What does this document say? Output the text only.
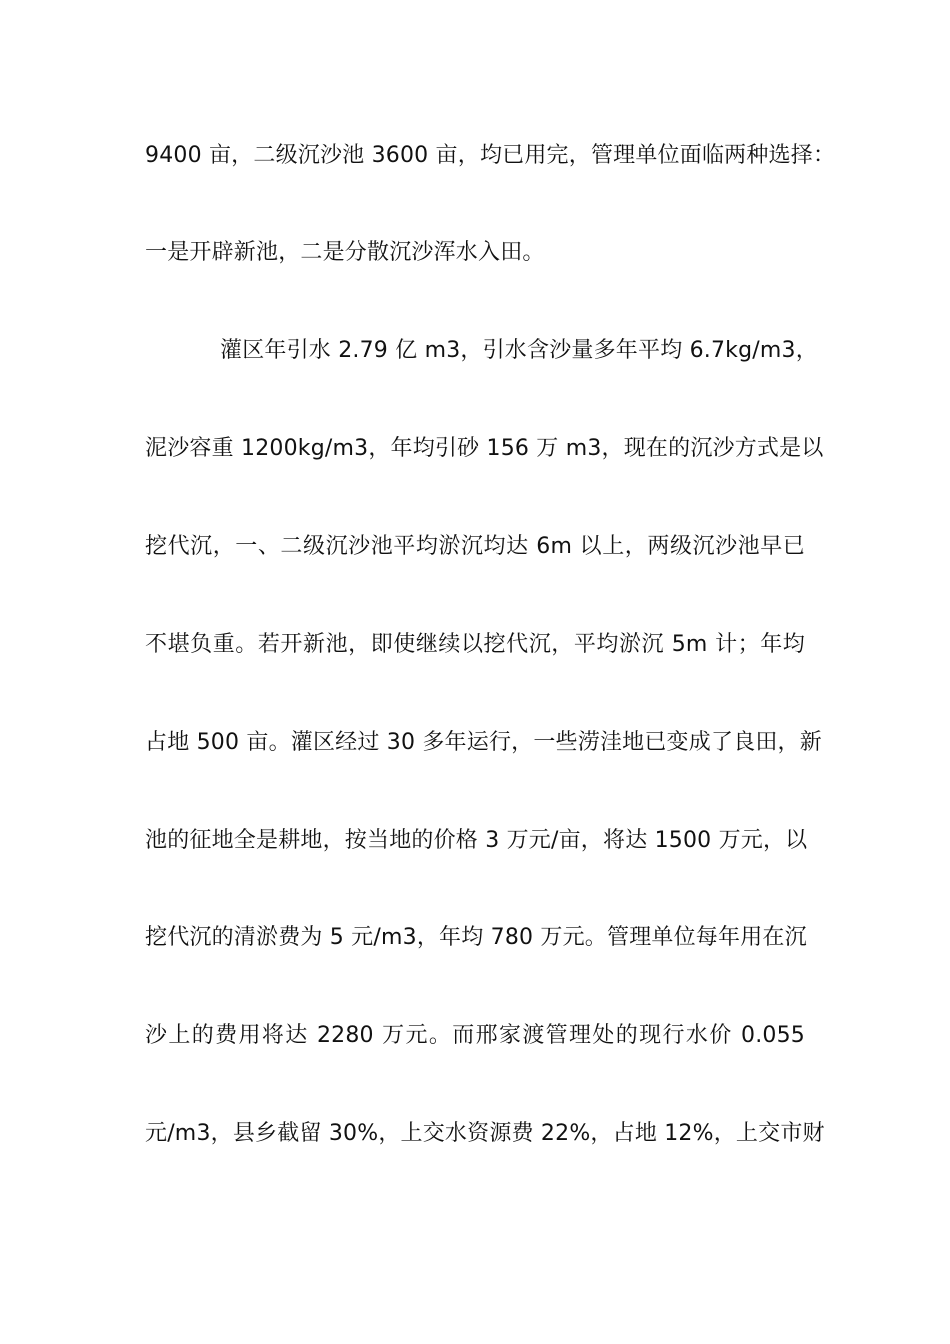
9400 亩，二级沉沙池 3600 亩，均已用完，管理单位面临两种选择：
一是开辟新池，二是分散沉沙浑水入田。
灌区年引水 2.79 亿 m3，引水含沙量多年平均 6.7kg/m3，
泥沙容重 1200kg/m3，年均引砂 156 万 m3，现在的沉沙方式是以
挖代沉，一、二级沉沙池平均淤沉均达 6m 以上，两级沉沙池早已
不堪负重。若开新池，即使继续以挖代沉，平均淤沉 5m 计；年均
占地 500 亩。灌区经过 30 多年运行，一些涝洼地已变成了良田，新
池的征地全是耕地，按当地的价格 3 万元/亩，将达 1500 万元，以
挖代沉的清淤费为 5 元/m3，年均 780 万元。管理单位每年用在沉
沙上的费用将达 2280 万元。而邢家渡管理处的现行水价 0.055
元/m3，县乡截留 30%，上交水资源费 22%，占地 12%，上交市财
